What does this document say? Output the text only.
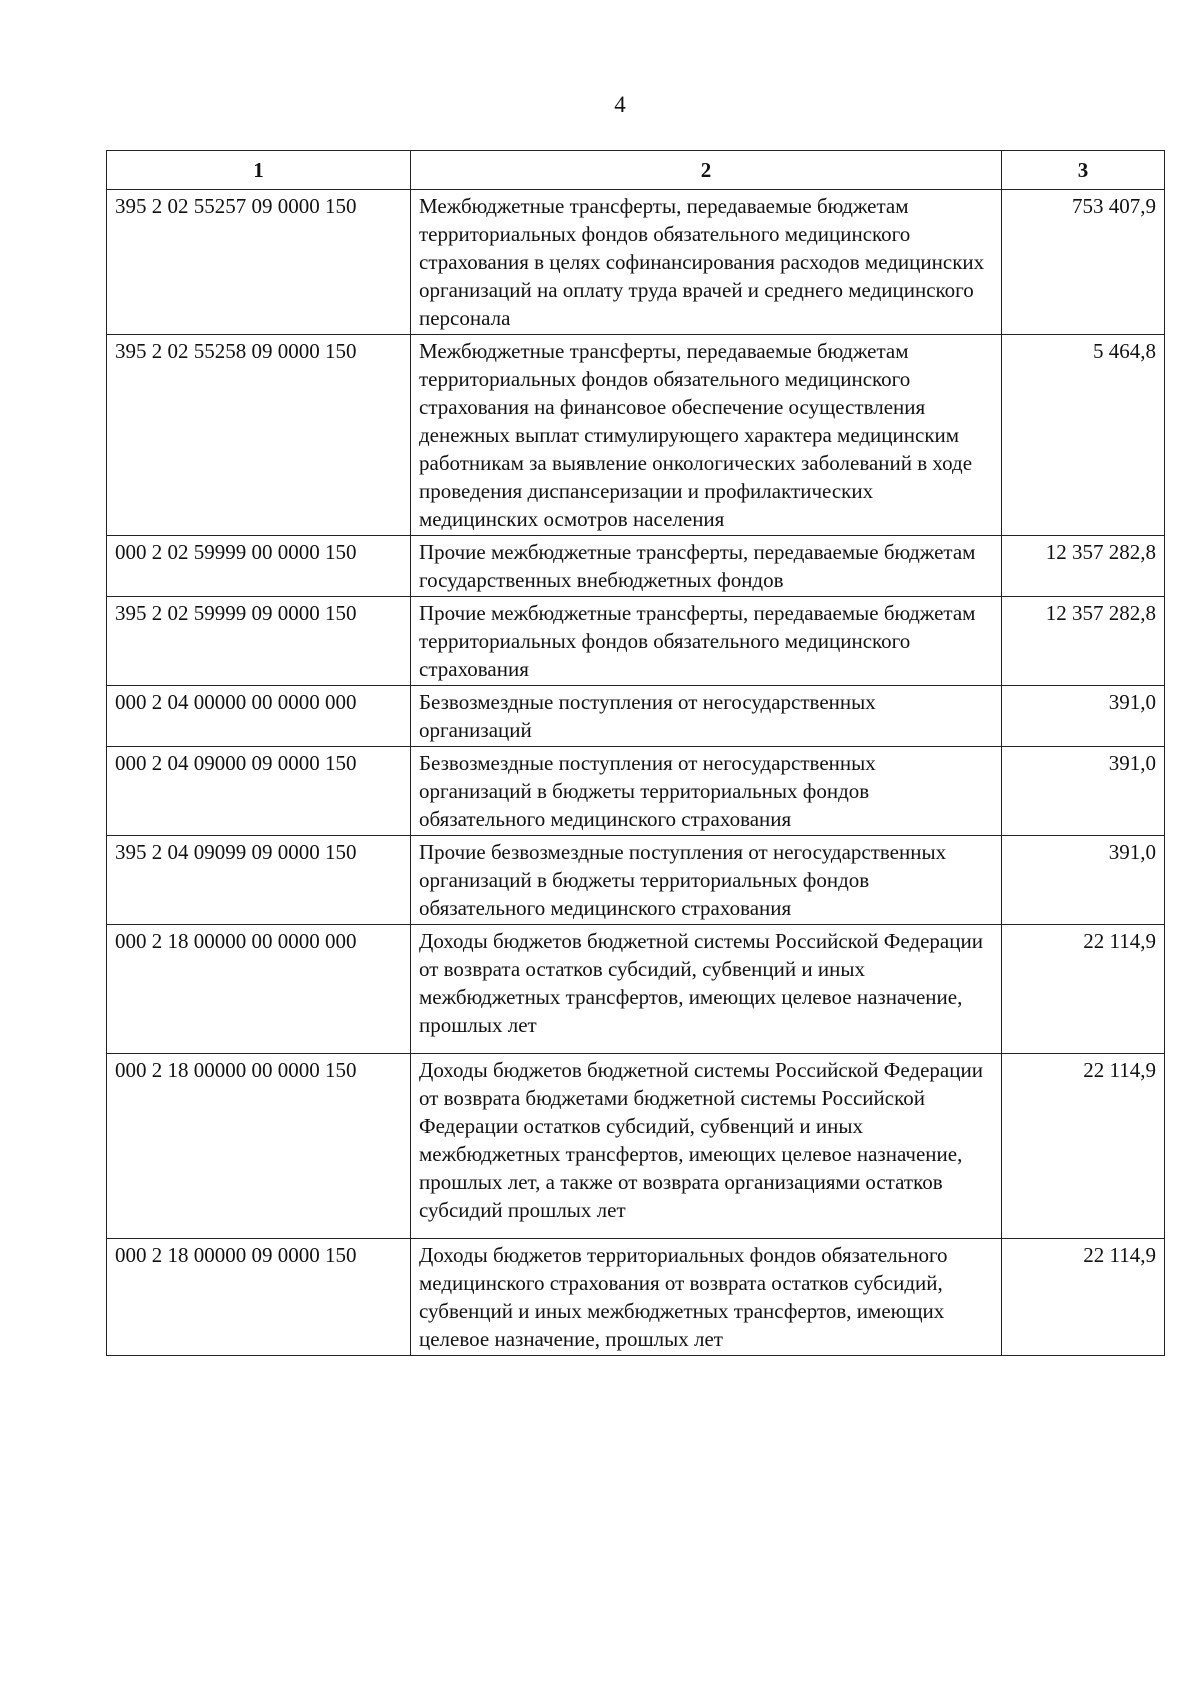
4
1	2	3
395 2 02 55257 09 0000 150	Межбюджетные трансферты, передаваемые бюджетам территориальных фондов обязательного медицинского страхования в целях софинансирования расходов медицинских организаций на оплату труда врачей и среднего медицинского персонала	753 407,9
395 2 02 55258 09 0000 150	Межбюджетные трансферты, передаваемые бюджетам территориальных фондов обязательного медицинского страхования на финансовое обеспечение осуществления денежных выплат стимулирующего характера медицинским работникам за выявление онкологических заболеваний в ходе проведения диспансеризации и профилактических медицинских осмотров населения	5 464,8
000 2 02 59999 00 0000 150	Прочие межбюджетные трансферты, передаваемые бюджетам государственных внебюджетных фондов	12 357 282,8
395 2 02 59999 09 0000 150	Прочие межбюджетные трансферты, передаваемые бюджетам территориальных фондов обязательного медицинского страхования	12 357 282,8
000 2 04 00000 00 0000 000	Безвозмездные поступления от негосударственных организаций	391,0
000 2 04 09000 09 0000 150	Безвозмездные поступления от негосударственных организаций в бюджеты территориальных фондов обязательного медицинского страхования	391,0
395 2 04 09099 09 0000 150	Прочие безвозмездные поступления от негосударственных организаций в бюджеты территориальных фондов обязательного медицинского страхования	391,0
000 2 18 00000 00 0000 000	Доходы бюджетов бюджетной системы Российской Федерации от возврата остатков субсидий, субвенций и иных межбюджетных трансфертов, имеющих целевое назначение, прошлых лет	22 114,9
000 2 18 00000 00 0000 150	Доходы бюджетов бюджетной системы Российской Федерации от возврата бюджетами бюджетной системы Российской Федерации остатков субсидий, субвенций и иных межбюджетных трансфертов, имеющих целевое назначение, прошлых лет, а также от возврата организациями остатков субсидий прошлых лет	22 114,9
000 2 18 00000 09 0000 150	Доходы бюджетов территориальных фондов обязательного медицинского страхования от возврата остатков субсидий, субвенций и иных межбюджетных трансфертов, имеющих целевое назначение, прошлых лет	22 114,9
